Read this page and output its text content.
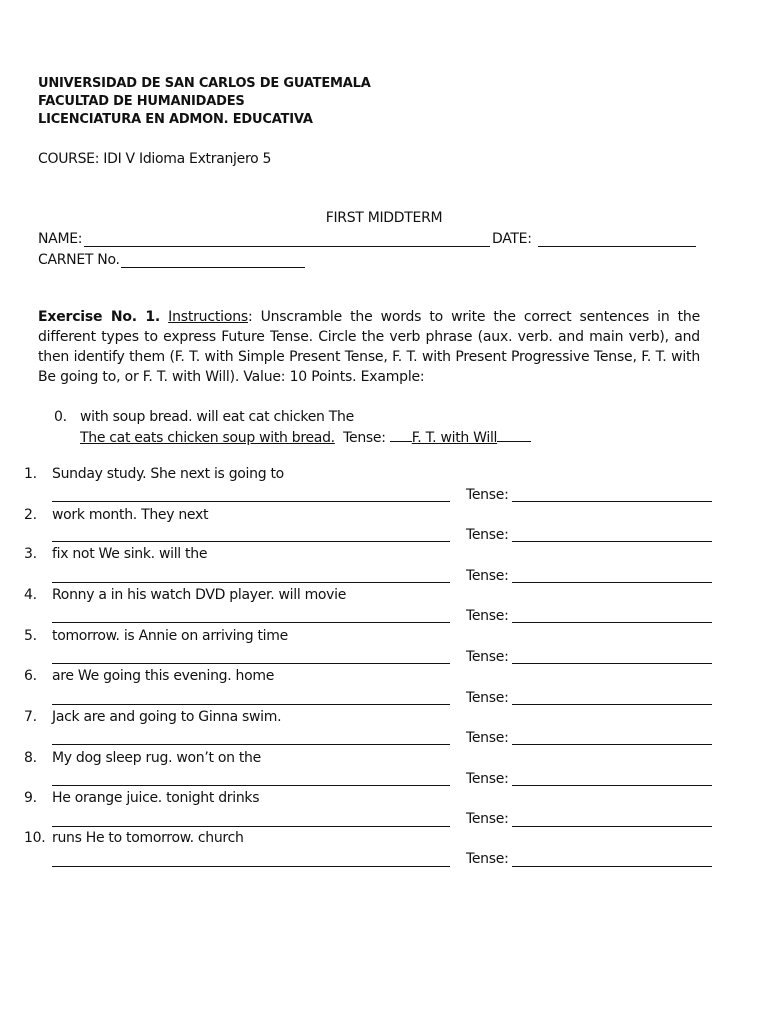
UNIVERSIDAD DE SAN CARLOS DE GUATEMALA
FACULTAD DE HUMANIDADES
LICENCIATURA EN ADMON. EDUCATIVA
COURSE: IDI V Idioma Extranjero 5
FIRST MIDDTERM
NAME:	DATE:
CARNET No.
Exercise No. 1. Instructions: Unscramble the words to write the correct sentences in the different types to express Future Tense. Circle the verb phrase (aux. verb. and main verb), and then identify them (F. T. with Simple Present Tense, F. T. with Present Progressive Tense, F. T. with Be going to, or F. T. with Will). Value: 10 Points. Example:
0. with soup bread. will eat cat chicken The
The cat eats chicken soup with bread. Tense: F. T. with Will
1. Sunday study. She next is going to
Tense:
2. work month. They next
Tense:
3. fix not We sink. will the
Tense:
4. Ronny a in his watch DVD player. will movie
Tense:
5. tomorrow. is Annie on arriving time
Tense:
6. are We going this evening. home
Tense:
7. Jack are and going to Ginna swim.
Tense:
8. My dog sleep rug. won’t on the
Tense:
9. He orange juice. tonight drinks
Tense:
10. runs He to tomorrow. church
Tense:
